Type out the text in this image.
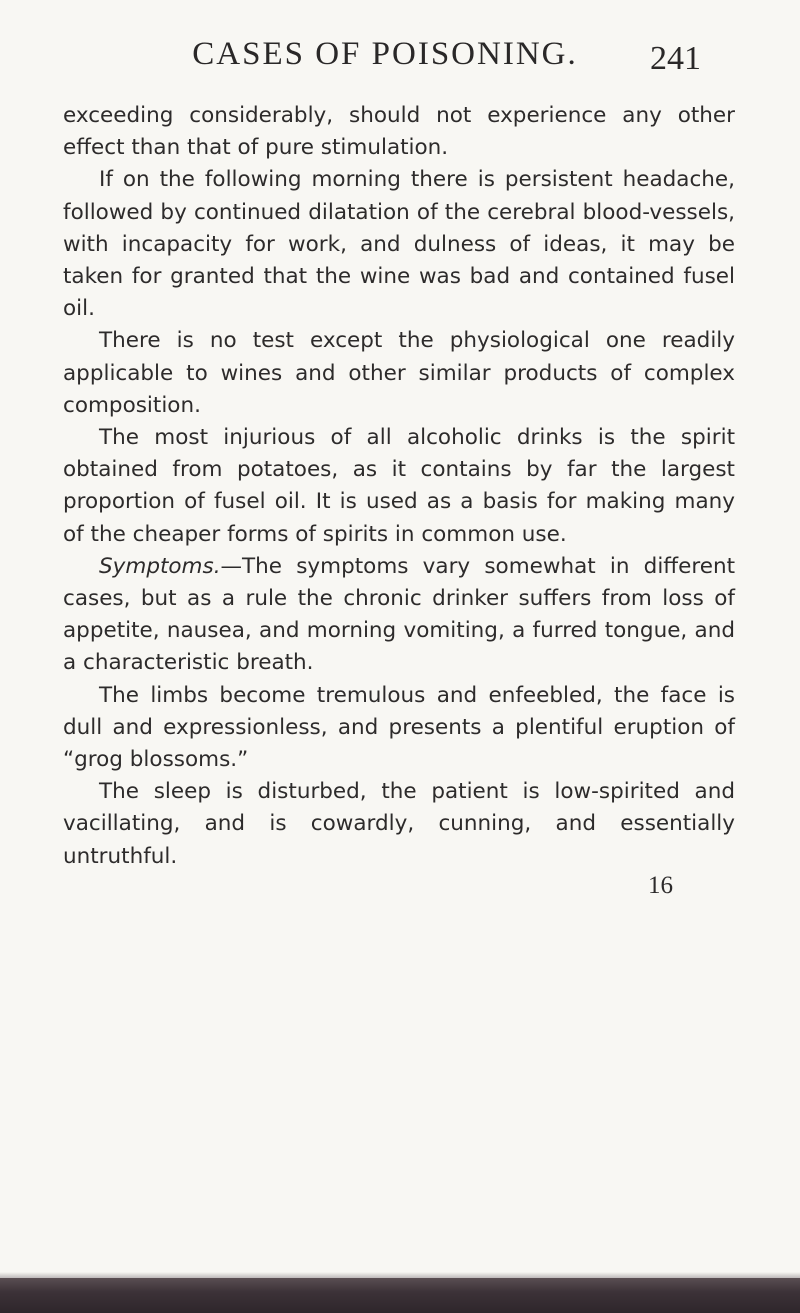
CASES OF POISONING.	241

exceeding considerably, should not experience any other effect than that of pure stimulation.

If on the following morning there is persistent headache, followed by continued dilatation of the cerebral blood-vessels, with incapacity for work, and dulness of ideas, it may be taken for granted that the wine was bad and contained fusel oil.

There is no test except the physiological one readily applicable to wines and other similar products of complex composition.

The most injurious of all alcoholic drinks is the spirit obtained from potatoes, as it contains by far the largest proportion of fusel oil. It is used as a basis for making many of the cheaper forms of spirits in common use.

Symptoms.—The symptoms vary somewhat in different cases, but as a rule the chronic drinker suffers from loss of appetite, nausea, and morning vomiting, a furred tongue, and a characteristic breath.

The limbs become tremulous and enfeebled, the face is dull and expressionless, and presents a plentiful eruption of “grog blossoms.”

The sleep is disturbed, the patient is low-spirited and vacillating, and is cowardly, cunning, and essentially untruthful.

16
